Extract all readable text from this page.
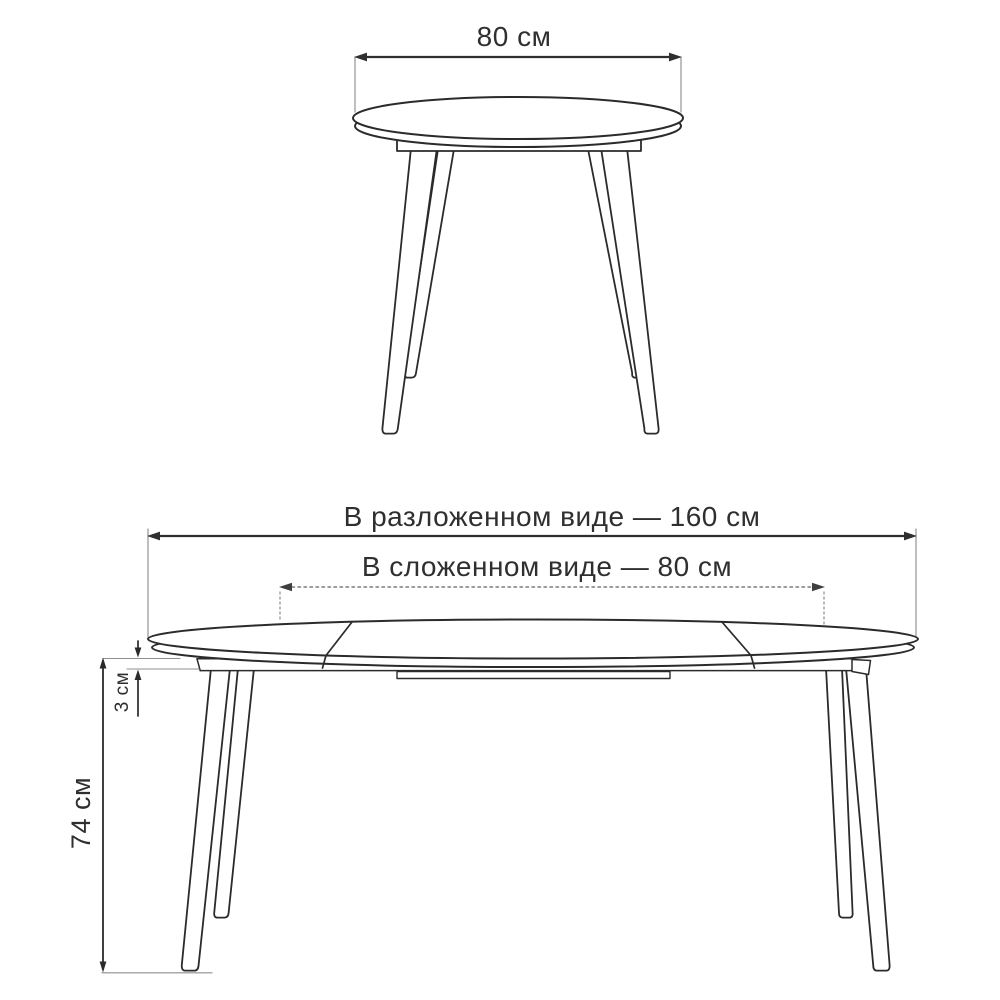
80 см
В разложенном виде — 160 см
В сложенном виде — 80 см
74 см
3 см
